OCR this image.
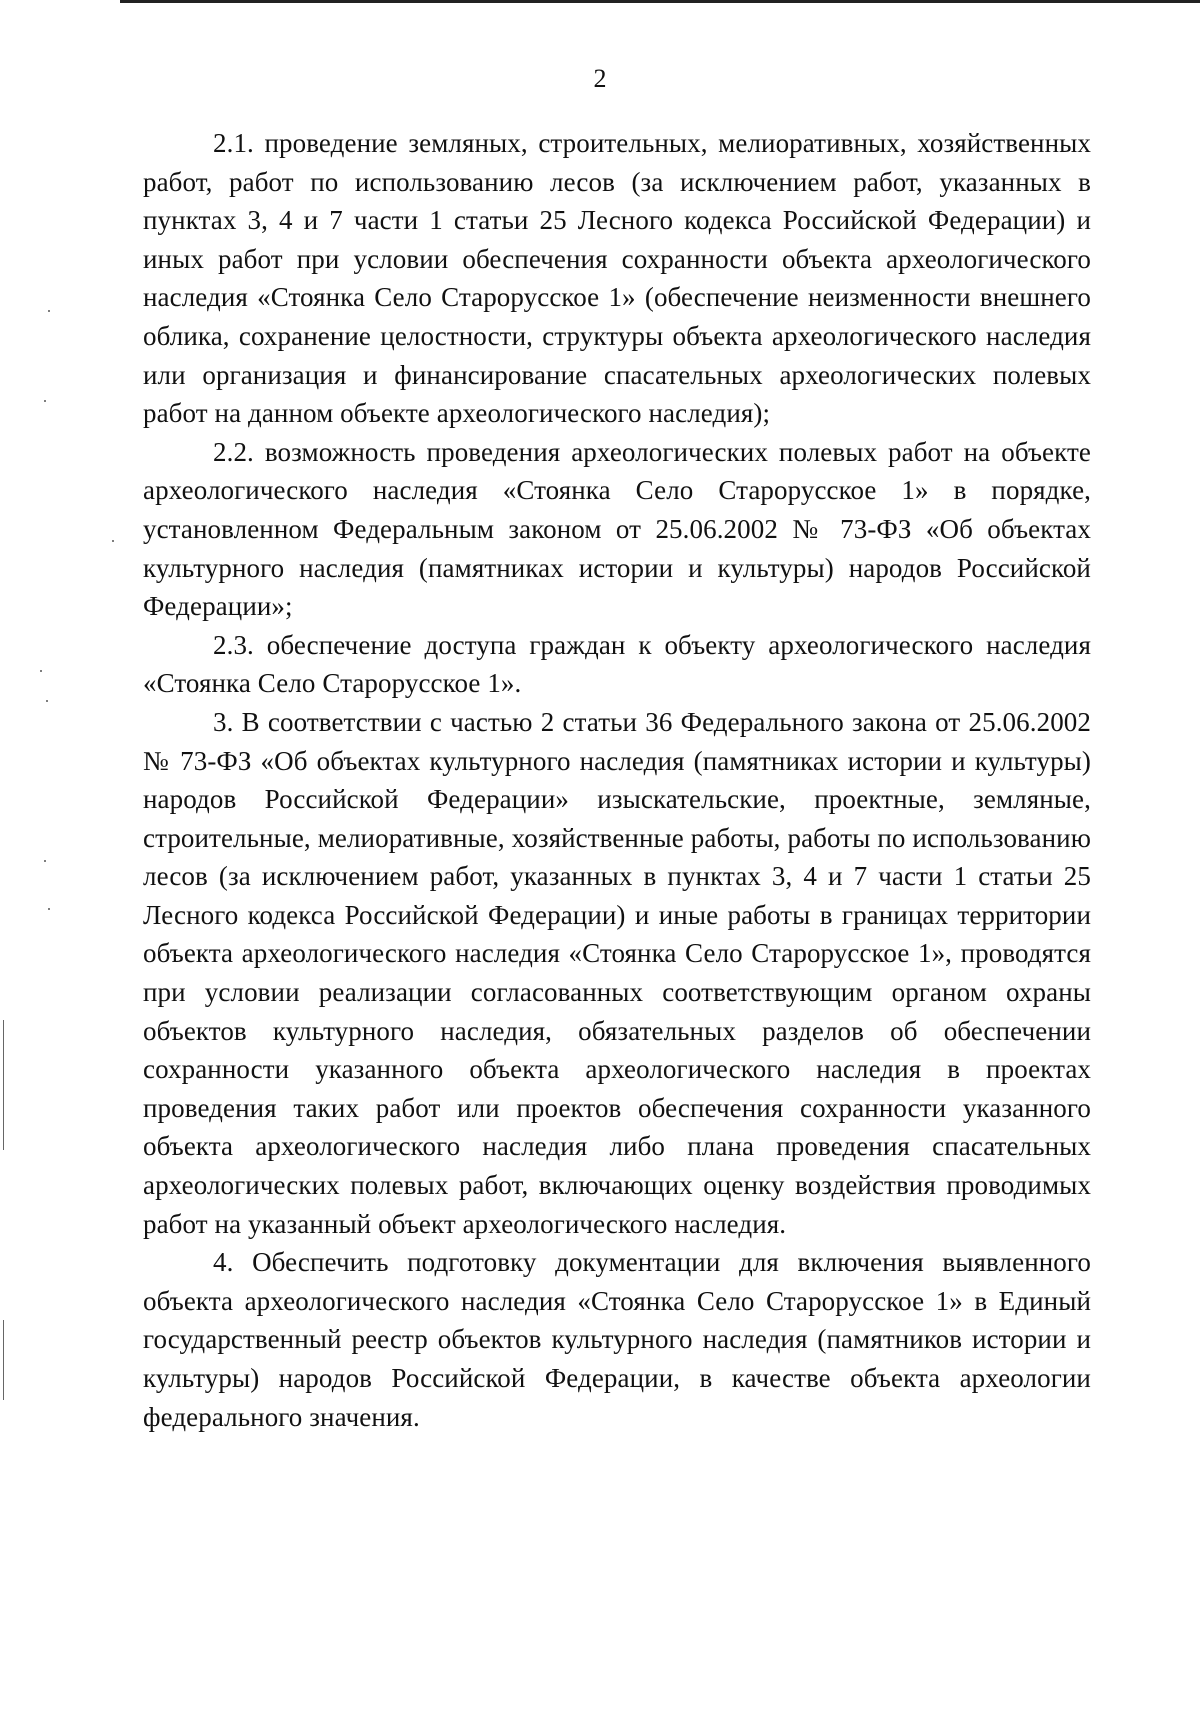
2

2.1. проведение земляных, строительных, мелиоративных, хозяйственных работ, работ по использованию лесов (за исключением работ, указанных в пунктах 3, 4 и 7 части 1 статьи 25 Лесного кодекса Российской Федерации) и иных работ при условии обеспечения сохранности объекта археологического наследия «Стоянка Село Старорусское 1» (обеспечение неизменности внешнего облика, сохранение целостности, структуры объекта археологического наследия или организация и финансирование спасательных археологических полевых работ на данном объекте археологического наследия);

2.2. возможность проведения археологических полевых работ на объекте археологического наследия «Стоянка Село Старорусское 1» в порядке, установленном Федеральным законом от 25.06.2002 № 73-ФЗ «Об объектах культурного наследия (памятниках истории и культуры) народов Российской Федерации»;

2.3. обеспечение доступа граждан к объекту археологического наследия «Стоянка Село Старорусское 1».

3. В соответствии с частью 2 статьи 36 Федерального закона от 25.06.2002 № 73-ФЗ «Об объектах культурного наследия (памятниках истории и культуры) народов Российской Федерации» изыскательские, проектные, земляные, строительные, мелиоративные, хозяйственные работы, работы по использованию лесов (за исключением работ, указанных в пунктах 3, 4 и 7 части 1 статьи 25 Лесного кодекса Российской Федерации) и иные работы в границах территории объекта археологического наследия «Стоянка Село Старорусское 1», проводятся при условии реализации согласованных соответствующим органом охраны объектов культурного наследия, обязательных разделов об обеспечении сохранности указанного объекта археологического наследия в проектах проведения таких работ или проектов обеспечения сохранности указанного объекта археологического наследия либо плана проведения спасательных археологических полевых работ, включающих оценку воздействия проводимых работ на указанный объект археологического наследия.

4. Обеспечить подготовку документации для включения выявленного объекта археологического наследия «Стоянка Село Старорусское 1» в Единый государственный реестр объектов культурного наследия (памятников истории и культуры) народов Российской Федерации, в качестве объекта археологии федерального значения.
